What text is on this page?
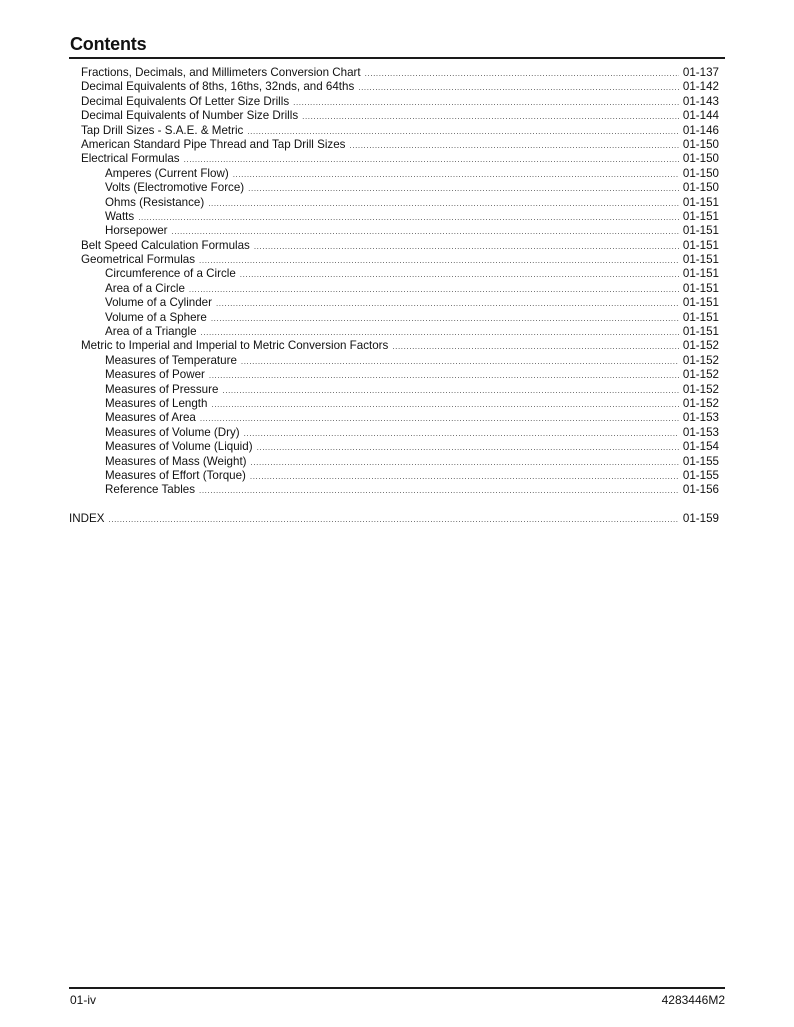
Contents
Fractions, Decimals, and Millimeters Conversion Chart .....	01-137
Decimal Equivalents of 8ths, 16ths, 32nds, and 64ths .....	01-142
Decimal Equivalents Of Letter Size Drills .....	01-143
Decimal Equivalents of Number Size Drills .....	01-144
Tap Drill Sizes - S.A.E. & Metric .....	01-146
American Standard Pipe Thread and Tap Drill Sizes .....	01-150
Electrical Formulas .....	01-150
Amperes (Current Flow) .....	01-150
Volts (Electromotive Force) .....	01-150
Ohms (Resistance) .....	01-151
Watts .....	01-151
Horsepower .....	01-151
Belt Speed Calculation Formulas .....	01-151
Geometrical Formulas .....	01-151
Circumference of a Circle .....	01-151
Area of a Circle .....	01-151
Volume of a Cylinder .....	01-151
Volume of a Sphere .....	01-151
Area of a Triangle .....	01-151
Metric to Imperial and Imperial to Metric Conversion Factors .....	01-152
Measures of Temperature .....	01-152
Measures of Power .....	01-152
Measures of Pressure .....	01-152
Measures of Length .....	01-152
Measures of Area .....	01-153
Measures of Volume (Dry) .....	01-153
Measures of Volume (Liquid) .....	01-154
Measures of Mass (Weight) .....	01-155
Measures of Effort (Torque) .....	01-155
Reference Tables .....	01-156
INDEX .....	01-159
01-iv	4283446M2
